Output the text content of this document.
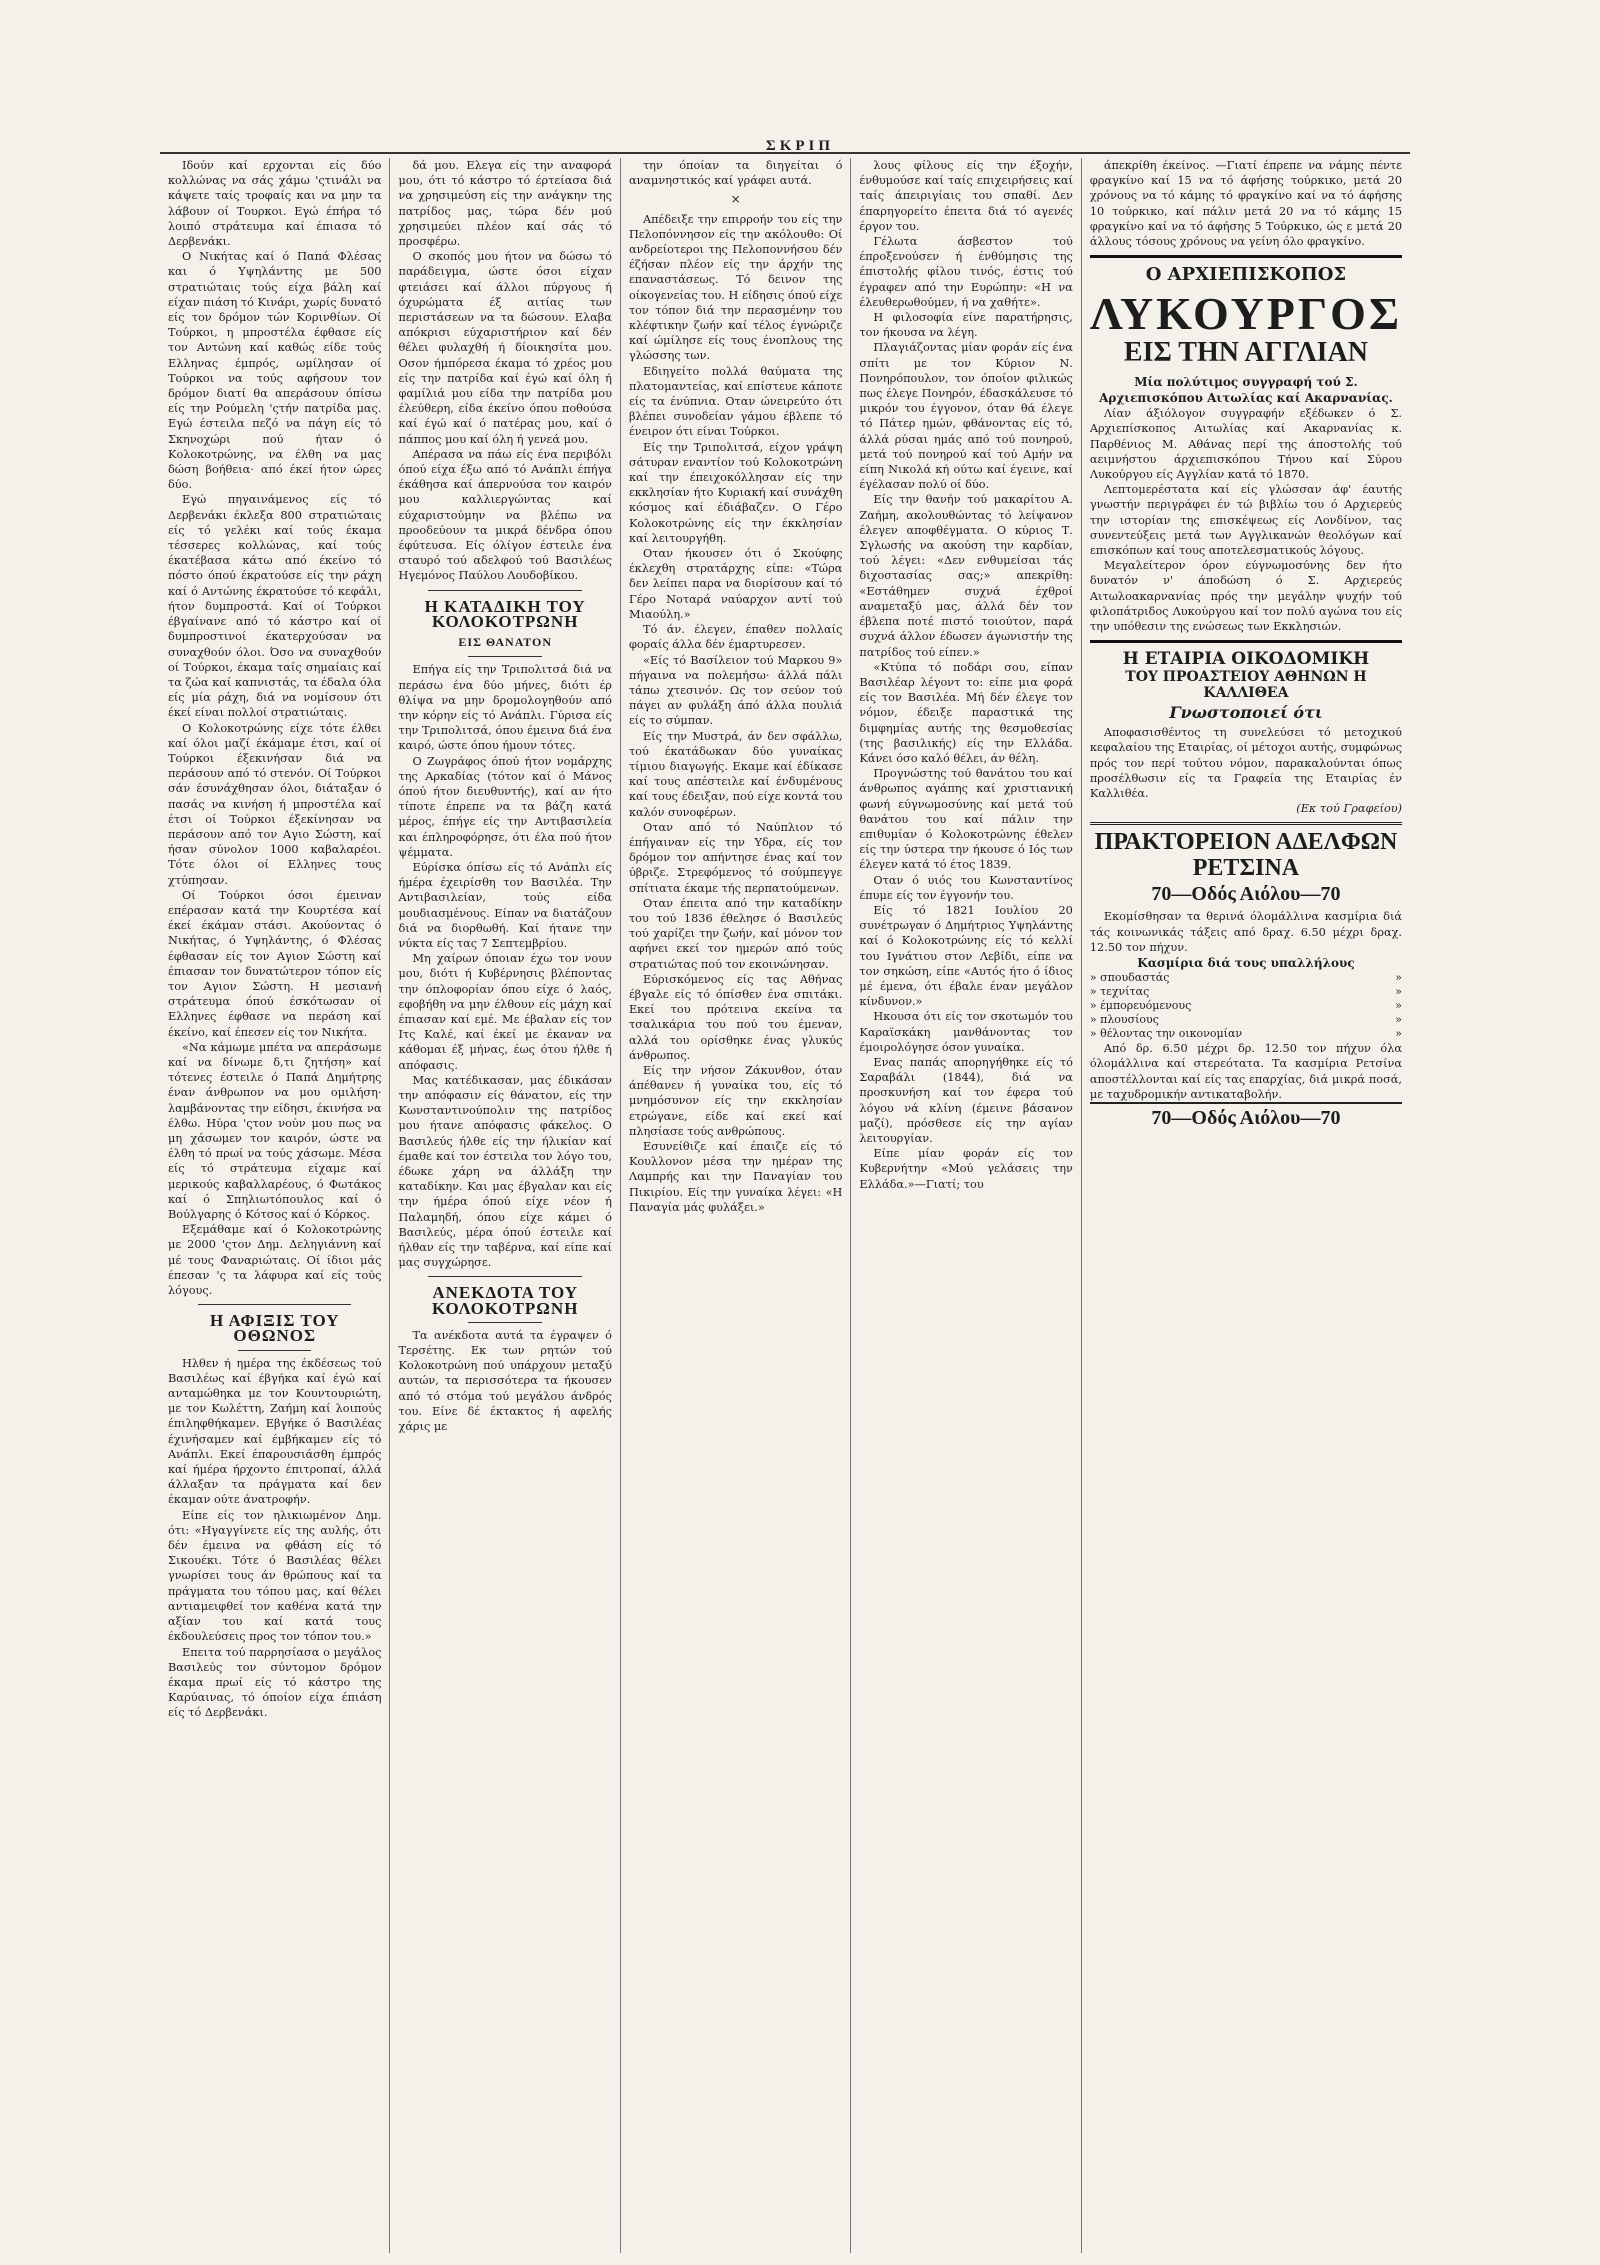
ΣΚΡΙΠ

Ιδούν καί ερχονται είς δύο κολλώνας να σάς χάμω 'ςτινάλι να κάψετε ταίς τροφαίς και να μην τα λάβουν οί Τουρκοι. Εγώ έπήρα τό λοιπό στράτευμα καί έπιασα τό Δερβενάκι.

Ο Νικήτας καί ό Παπά Φλέσας και ό Υψηλάντης με 500 στρατιώταις τούς είχα βάλη καί είχαν πιάση τό Κινάρι, χωρίς δυνατό είς τον δρόμον τών Κορινθίων. Οί Τούρκοι, η μπροστέλα έφθασε είς τον Αντώνη καί καθώς είδε τούς Ελληνας έμπρός, ωμίλησαν οί Τούρκοι να τούς αφήσουν τον δρόμον διατί θα απεράσουν όπίσω είς την Ρούμελη 'ςτήν πατρίδα μας. Εγώ έστειλα πεζό να πάγη είς τό Σκηνοχώρι πού ήταν ό Κολοκοτρώνης, να έλθη να μας δώση βοήθεια· από έκεί ήτον ώρες δύο.

Εγώ πηγαινάμενος είς τό Δερβενάκι έκλεξα 800 στρατιώταις είς τό γελέκι καί τούς έκαμα τέσσερες κολλώνας, καί τούς έκατέβασα κάτω από έκείνο τό πόστο όπού έκρατούσε είς την ράχη καί ό Αντώνης έκρατούσε τό κεφάλι, ήτον δυμπροστά. Καί οί Τούρκοι έβγαίνανε από τό κάστρο καί οί δυμπροστινοί έκατερχούσαν να συναχθούν όλοι. Όσο να συναχθούν οί Τούρκοι, έκαμα ταίς σημαίαις καί τα ζώα καί καπνιστάς, τα έδαλα όλα είς μία ράχη, διά να νομίσουν ότι έκεί είναι πολλοί στρατιώταις.

Ο Κολοκοτρώνης είχε τότε έλθει καί όλοι μαζί έκάμαμε έτσι, καί οί Τούρκοι έξεκινήσαν διά να περάσουν από τό στενόν. Οί Τούρκοι σάν έσυνάχθησαν όλοι, διάταξαν ό πασάς να κινήση ή μπροστέλα καί έτσι οί Τούρκοι έξεκίνησαν να περάσουν από τον Αγιο Σώστη, καί ήσαν σύνολον 1000 καβαλαρέοι. Τότε όλοι οί Ελληνες τους χτύπησαν.

Οί Τούρκοι όσοι έμειναν επέρασαν κατά την Κουρτέσα καί έκεί έκάμαν στάσι. Ακούοντας ό Νικήτας, ό Υψηλάντης, ό Φλέσας έφθασαν είς τον Αγιον Σώστη καί έπιασαν τον δυνατώτερον τόπον είς τον Αγιον Σώστη. Η μεσιανή στράτευμα όπού έσκότωσαν οί Ελληνες έφθασε να περάση καί έκείνο, καί έπεσεν είς τον Νικήτα.

«Να κάμωμε μπέτα να απεράσωμε καί να δίνωμε δ,τι ζητήση» καί τότενες έστειλε ό Παπά Δημήτρης έναν άνθρωπον να μου ομιλήση· λαμβάνοντας την είδησι, έκινήσα να έλθω. Ηύρα 'ςτον νούν μου πως να μη χάσωμεν τον καιρόν, ώστε να έλθη τό πρωί να τούς χάσωμε. Μέσα είς τό στράτευμα είχαμε καί μερικούς καβαλλαρέους, ό Φωτάκος καί ό Σπηλιωτόπουλος καί ό Βούλγαρης ό Κότσος καί ό Κόρκος.

Εξεμάθαμε καί ό Κολοκοτρώνης με 2000 'ςτον Δημ. Δεληγιάννη καί μέ τους Φαναριώταις. Οί ίδιοι μάς έπεσαν 'ς τα λάφυρα καί είς τούς λόγους.

Η ΑΦΙΞΙΣ ΤΟΥ ΟΘΩΝΟΣ

Ηλθεν ή ημέρα της έκδέσεως τού Βασιλέως καί έβγήκα καί έγώ καί ανταμώθηκα με τον Κουντουριώτη, με τον Κωλέττη, Ζαήμη καί λοιπούς έπιληφθήκαμεν. Εβγήκε ό Βασιλέας έχινήσαμεν καί έμβήκαμεν είς τό Ανάπλι. Εκεί έπαρουσιάσθη έμπρός καί ήμέρα ήρχοντο έπιτροπαί, άλλά άλλαξαν τα πράγματα καί δεν έκαμαν ούτε άνατροφήν.

Είπε είς τον ηλικιωμένον Δημ. ότι: «Ηγαγγίνετε είς της αυλής, ότι δέν έμεινα να φθάση είς τό Σικουέκι. Τότε ό Βασιλέας θέλει γνωρίσει τους άν θρώπους καί τα πράγματα του τόπου μας, καί θέλει αντιαμειφθεί τον καθένα κατά την αξίαν του καί κατά τους έκδουλεύσεις προς τον τόπον του.»

Επειτα τού παρρησίασα ο μεγάλος Βασιλεύς τον σύντομον δρόμον έκαμα πρωί είς τό κάστρο της Καρύαινας, τό όποίον είχα έπιάση είς τό Δερβενάκι.

δά μου. Ελεγα είς την αναφορά μου, ότι τό κάστρο τό έρτείασα διά να χρησιμεύση είς την ανάγκην της πατρίδος μας, τώρα δέν μού χρησιμεύει πλέον καί σάς τό προσφέρω.

Ο σκοπός μου ήτον να δώσω τό παράδειγμα, ώστε όσοι είχαν φτειάσει καί άλλοι πύργους ή όχυρώματα έξ αιτίας των περιστάσεων να τα δώσουν. Ελαβα απόκρισι εύχαριστήριον καί δέν θέλει φυλαχθή ή δίοικησίτα μου. Οσον ήμπόρεσα έκαμα τό χρέος μου είς την πατρίδα καί έγώ καί όλη ή φαμίλιά μου είδα την πατρίδα μου έλεύθερη, είδα έκείνο όπου ποθούσα καί έγώ καί ό πατέρας μου, καί ό πάππος μου καί όλη ή γενεά μου.

Απέρασα να πάω είς ένα περιβόλι όπού είχα έξω από τό Ανάπλι έπήγα έκάθησα καί άπερνούσα τον καιρόν μου καλλιεργώντας καί εύχαριστούμην να βλέπω να προοδεύουν τα μικρά δένδρα όπου έφύτευσα. Είς όλίγον έστειλε ένα σταυρό τού αδελφού τού Βασιλέως Ηγεμόνος Παύλου Λουδοβίκου.

Η ΚΑΤΑΔΙΚΗ ΤΟΥ ΚΟΛΟΚΟΤΡΩΝΗ
ΕΙΣ ΘΑΝΑΤΟΝ

Επήγα είς την Τριπολιτσά διά να περάσω ένα δύο μήνες, διότι έρ θλίψα να μην δρομολογηθούν από την κόρην είς τό Ανάπλι. Γύρισα είς την Τριπολιτσά, όπου έμεινα διά ένα καιρό, ώστε όπου ήμουν τότες.

Ο Ζωγράφος όπού ήτον νομάρχης της Αρκαδίας (τότον καί ό Μάνος όπού ήτον διευθυντής), καί αν ήτο τίποτε έπρεπε να τα βάζη κατά μέρος, έπήγε είς την Αντιβασιλεία και έπληροφόρησε, ότι έλα πού ήτον ψέμματα.

Εύρίσκα όπίσω είς τό Ανάπλι είς ήμέρα έχειρίσθη τον Βασιλέα. Την Αντιβασιλείαν, τούς είδα μουδιασμένους. Είπαν να διατάζουν διά να διορθωθή. Καί ήτανε την νύκτα είς τας 7 Σεπτεμβρίου.

Μη χαίρων όποιαν έχω τον νουν μου, διότι ή Κυβέρνησις βλέποντας την όπλοφορίαν όπου είχε ό λαός, εφοβήθη να μην έλθουν είς μάχη καί έπιασαν καί εμέ. Με έβαλαν είς τον Ιτς Καλέ, καί έκεί με έκαναν να κάθομαι έξ μήνας, έως ότου ήλθε ή απόφασις.

Μας κατέδικασαν, μας έδικάσαν την απόφασιν είς θάνατον, είς την Κωνσταντινούπολιν της πατρίδος μου ήτανε απόφασις φάκελος. Ο Βασιλεύς ήλθε είς την ήλικίαν καί έμαθε καί τον έστειλα τον λόγο του, έδωκε χάρη να άλλάξη την καταδίκην. Και μας έβγαλαν και είς την ήμέρα όπού είχε νέον ή Παλαμηδή, όπου είχε κάμει ό Βασιλεύς, μέρα όπού έστειλε καί ήλθαν είς την ταβέρνα, καί είπε καί μας συγχώρησε.

ΑΝΕΚΔΟΤΑ ΤΟΥ ΚΟΛΟΚΟΤΡΩΝΗ

Τα ανέκδοτα αυτά τα έγραψεν ό Τερσέτης. Εκ των ρητών τού Κολοκοτρώνη πού υπάρχουν μεταξύ αυτών, τα περισσότερα τα ήκουσεν από τό στόμα τού μεγάλου άνδρός του. Είνε δέ έκτακτος ή αφελής χάρις με

την όποίαν τα διηγείται ό αναμνηστικός καί γράφει αυτά.

×

Απέδειξε την επιρροήν του είς την Πελοπόννησον είς την ακόλουθο: Οί ανδρείοτεροι της Πελοποννήσου δέν έζήσαν πλέον είς την άρχήν της επαναστάσεως. Τό δεινον της οίκογενείας του. Η είδησις όπού είχε τον τόπον διά την περασμένην του κλέφτικην ζωήν καί τέλος έγνώριζε καί ώμίλησε είς τους ένοπλους της γλώσσης των.

Εδιηγείτο πολλά θαύματα της πλατομαντείας, καί επίστευε κάποτε είς τα ένύπνια. Οταν ώνειρεύτο ότι βλέπει συνοδείαν γάμου έβλεπε τό ένειρον ότι είναι Τούρκοι.

Είς την Τριπολιτσά, είχον γράψη σάτυραν εναντίον τού Κολοκοτρώνη καί την έπειχοκόλλησαν είς την εκκλησίαν ήτο Κυριακή καί συνάχθη κόσμος καί έδιάβαζεν. Ο Γέρο Κολοκοτρώνης είς την έκκλησίαν καί λειτουργήθη.

Οταν ήκουσεν ότι ό Σκούφης έκλεχθη στρατάρχης είπε: «Τώρα δεν λείπει παρα να διορίσουν καί τό Γέρο Νοταρά ναύαρχον αντί τού Μιαούλη.»

Τό άν. έλεγεν, έπαθεν πολλαίς φοραίς άλλα δέν έμαρτυρεσεν.

«Είς τό Βασίλειον τού Μαρκου 9» πήγαινα να πολεμήσω· άλλά πάλι τάπω χτεσινόν. Ως τον σεύον τού πάγει αν φυλάξη άπό άλλα πουλιά είς το σύμπαν.

Είς την Μυστρά, άν δεν σφάλλω, τού έκατάδωκαν δύο γυναίκας τίμιου διαγωγής. Εκαμε καί έδίκασε καί τους απέστειλε καί ένδυμένους καί τους έδειξαν, πού είχε κοντά του καλόν συνοφέρων.

Οταν από τό Ναύπλιον τό έπήγαιναν είς την Υδρα, είς τον δρόμον τον απήντησε ένας καί τον ύβριζε. Στρεφόμενος τό σούμπεγγε σπίτιατα έκαμε τής περπατούμενων.

Οταν έπειτα από την καταδίκην του τού 1836 έθελησε ό Βασιλεύς τού χαρίζει την ζωήν, καί μόνον τον αφήνει εκεί τον ημερών από τούς στρατιώτας πού τον εκοινώνησαν.

Εύρισκόμενος είς τας Αθήνας έβγαλε είς τό όπίσθεν ένα σπιτάκι. Εκεί του πρότεινα εκείνα τα τσαλικάρια του πού του έμεναν, αλλά του ορίσθηκε ένας γλυκύς άνθρωπος.

Είς την νήσον Ζάκυνθον, όταν άπέθανεν ή γυναίκα του, είς τό μνημόσυνον είς την εκκλησίαν ετρώγανε, είδε καί εκεί καί πλησίασε τούς ανθρώπους.

Εσυνείθιζε καί έπαιζε είς τό Κουλλονον μέσα την ημέραν της Λαμπρής και την Παναγίαν του Πικιρίου. Είς την γυναίκα λέγει: «Η Παναγία μάς φυλάξει.»

λους φίλους είς την έξοχήν, ένθυμούσε καί ταίς επιχειρήσεις καί ταίς άπειριγίαις του σπαθί. Δεν έπαρηγορείτο έπειτα διά τό αγενές έργον του.

Γέλωτα άσβεστον τού έπροξενούσεν ή ένθύμησις της έπιστολής φίλου τινός, έστις τού έγραφεν από την Ευρώπην: «Η να έλευθερωθούμεν, ή να χαθήτε».

Η φιλοσοφία είνε παρατήρησις, τον ήκουσα να λέγη.

Πλαγιάζοντας μίαν φοράν είς ένα σπίτι με τον Κύριον Ν. Πονηρόπουλον, τον όποίον φιλικώς πως έλεγε Πονηρόν, έδασκάλευσε τό μικρόν του έγγονον, όταν θά έλεγε τό Πάτερ ημών, φθάνοντας είς τό, άλλά ρύσαι ημάς από τού πονηρού, μετά τού πονηρού καί τού Αμήν να είπη Νικολά κή ούτω καί έγεινε, καί έγέλασαν πολύ οί δύο.

Είς την θανήν τού μακαρίτου Α. Ζαήμη, ακολουθώντας τό λείψανον έλεγεν αποφθέγματα. Ο κύριος Τ. Σγλωσής να ακούση την καρδίαν, τού λέγει: «Δεν ενθυμείσαι τάς διχοστασίας σας;» απεκρίθη: «Εστάθημεν συχνά έχθροί αναμεταξύ μας, άλλά δέν τον έβλεπα ποτέ πιστό τοιούτον, παρά συχνά άλλον έδωσεν άγωνιστήν της πατρίδος τού είπεν.»

«Κτύπα τό ποδάρι σου, είπαν Βασιλέαρ λέγοντ το: είπε μια φορά είς τον Βασιλέα. Μή δέν έλεγε τον νόμον, έδειξε παραστικά της διμφημίας αυτής της θεσμοθεσίας (της βασιλικής) είς την Ελλάδα. Κάνει όσο καλό θέλει, άν θέλη.

Προγνώστης τού θανάτου του καί άνθρωπος αγάπης καί χριστιανική φωνή εύγνωμοσύνης καί μετά τού θανάτου του καί πάλιν την επιθυμίαν ό Κολοκοτρώνης έθελεν είς την ύστερα την ήκουσε ό Ιός των έλεγεν κατά τό έτος 1839.

Οταν ό υιός του Κωνσταντίνος έπυμε είς τον έγγονήν του.

Είς τό 1821 Ιουλίου 20 συνέτρωγαν ό Δημήτριος Υψηλάντης καί ό Κολοκοτρώνης είς τό κελλί του Ιγνάτιου στον Λεβίδι, είπε να τον σηκώση, είπε «Αυτός ήτο ό ίδιος μέ έμενα, ότι έβαλε έναν μεγάλον κίνδυνον.»

Ηκουσα ότι είς τον σκοτωμόν του Καραϊσκάκη μανθάνοντας τον έμοιρολόγησε όσον γυναίκα.

Ενας παπάς απορηγήθηκε είς τό Σαραβάλι (1844), διά να προσκυνήση καί τον έφερα τού λόγου νά κλίνη (έμεινε βάσανον μαζί), πρόσθεσε είς την αγίαν λειτουργίαν.

Είπε μίαν φοράν είς τον Κυβερνήτην «Μού γελάσεις την Ελλάδα.»—Γιατί; του

άπεκρίθη έκείνος. —Γιατί έπρεπε να νάμης πέντε φραγκίνο καί 15 να τό άφήσης τούρκικο, μετά 20 χρόνους να τό κάμης τό φραγκίνο καί να τό άφήσης 10 τούρκικο, καί πάλιν μετά 20 να τό κάμης 15 φραγκίνο καί να τό άφήσης 5 Τούρκικο, ώς ε μετά 20 άλλους τόσους χρόνους να γείνη όλο φραγκίνο.

Ο ΑΡΧΙΕΠΙΣΚΟΠΟΣ
ΛΥΚΟΥΡΓΟΣ
ΕΙΣ ΤΗΝ ΑΓΓΛΙΑΝ
Μία πολύτιμος συγγραφή τού Σ. Αρχιεπισκόπου Αιτωλίας καί Ακαρνανίας.

Λίαν άξιόλογον συγγραφήν εξέδωκεν ό Σ. Αρχιεπίσκοπος Αιτωλίας καί Ακαρνανίας κ. Παρθένιος Μ. Αθάνας περί της άποστολής τού αειμνήστου άρχιεπισκόπου Τήνου καί Σύρου Λυκούργου είς Αγγλίαν κατά τό 1870.

Λεπτομερέστατα καί είς γλώσσαν άφ' έαυτής γνωστήν περιγράφει έν τώ βιβλίω του ό Αρχιερεύς την ιστορίαν της επισκέψεως είς Λονδίνον, τας συνεντεύξεις μετά των Αγγλικανών θεολόγων καί επισκόπων καί τους αποτελεσματικούς λόγους.

Μεγαλείτερον όρον εύγνωμοσύνης δεν ήτο δυνατόν ν' άποδώση ό Σ. Αρχιερεύς Αιτωλοακαρνανίας πρός την μεγάλην ψυχήν τού φιλοπάτριδος Λυκούργου καί τον πολύ αγώνα του είς την υπόθεσιν της ενώσεως των Εκκλησιών.

Η ΕΤΑΙΡΙΑ ΟΙΚΟΔΟΜΙΚΗ
ΤΟΥ ΠΡΟΑΣΤΕΙΟΥ ΑΘΗΝΩΝ Η ΚΑΛΛΙΘΕΑ
Γνωστοποιεί ότι

Αποφασισθέντος τη συνελεύσει τό μετοχικού κεφαλαίου της Εταιρίας, οί μέτοχοι αυτής, συμφώνως πρός τον περί τούτου νόμον, παρακαλούνται όπως προσέλθωσιν είς τα Γραφεία της Εταιρίας έν Καλλιθέα.

(Εκ τού Γραφείου)

ΠΡΑΚΤΟΡΕΙΟΝ ΑΔΕΛΦΩΝ ΡΕΤΣΙΝΑ
70—Οδός Αιόλου—70

Εκομίσθησαν τα θερινά όλομάλλινα κασμίρια διά τάς κοινωνικάς τάξεις από δραχ. 6.50 μέχρι δραχ. 12.50 τον πήχυν.

Κασμίρια διά τους υπαλλήλους
» σπουδαστάς	»
» τεχνίτας	»
» έμπορευόμενους	»
» πλουσίους	»
» θέλοντας την οικονομίαν	»

Από δρ. 6.50 μέχρι δρ. 12.50 τον πήχυν όλα όλομάλλινα καί στερεότατα. Τα κασμίρια Ρετσίνα αποστέλλονται καί είς τας επαρχίας, διά μικρά ποσά, με ταχυδρομικήν αντικαταβολήν.

70—Οδός Αιόλου—70
